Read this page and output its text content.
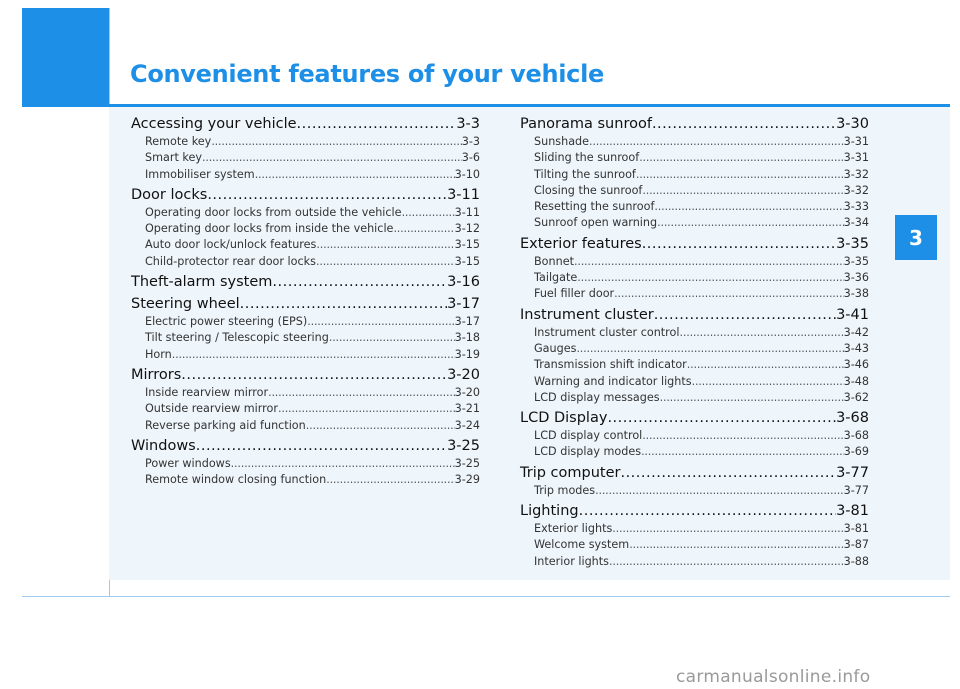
Convenient features of your vehicle
3
Accessing your vehicle .....	3-3
Remote key .....	3-3
Smart key .....	3-6
Immobiliser system .....	3-10
Door locks .....	3-11
Operating door locks from outside the vehicle .....	3-11
Operating door locks from inside the vehicle .....	3-12
Auto door lock/unlock features .....	3-15
Child-protector rear door locks .....	3-15
Theft-alarm system .....	3-16
Steering wheel .....	3-17
Electric power steering (EPS) .....	3-17
Tilt steering / Telescopic steering .....	3-18
Horn .....	3-19
Mirrors .....	3-20
Inside rearview mirror .....	3-20
Outside rearview mirror .....	3-21
Reverse parking aid function .....	3-24
Windows .....	3-25
Power windows .....	3-25
Remote window closing function .....	3-29
Panorama sunroof .....	3-30
Sunshade .....	3-31
Sliding the sunroof .....	3-31
Tilting the sunroof .....	3-32
Closing the sunroof .....	3-32
Resetting the sunroof .....	3-33
Sunroof open warning .....	3-34
Exterior features .....	3-35
Bonnet .....	3-35
Tailgate .....	3-36
Fuel filler door .....	3-38
Instrument cluster .....	3-41
Instrument cluster control .....	3-42
Gauges .....	3-43
Transmission shift indicator .....	3-46
Warning and indicator lights .....	3-48
LCD display messages .....	3-62
LCD Display .....	3-68
LCD display control .....	3-68
LCD display modes .....	3-69
Trip computer .....	3-77
Trip modes .....	3-77
Lighting .....	3-81
Exterior lights .....	3-81
Welcome system .....	3-87
Interior lights .....	3-88
carmanualsonline.info
